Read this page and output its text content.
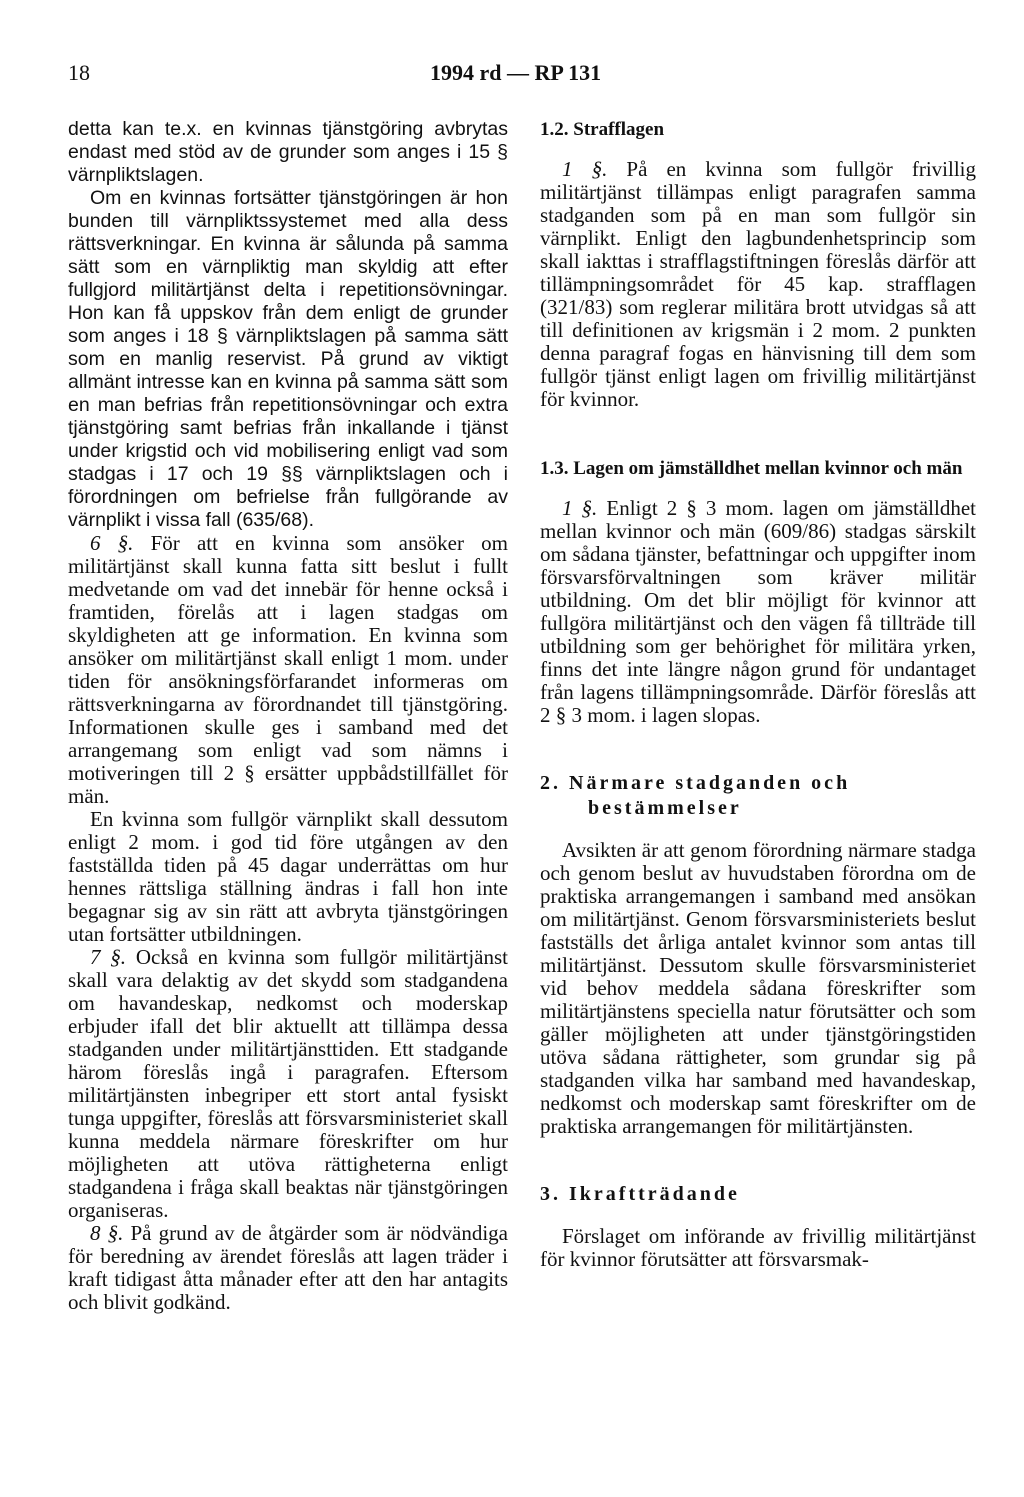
18	1994 rd — RP 131

detta kan te.x. en kvinnas tjänstgöring avbrytas endast med stöd av de grunder som anges i 15 § värnpliktslagen.

Om en kvinnas fortsätter tjänstgöringen är hon bunden till värnpliktssystemet med alla dess rättsverkningar. En kvinna är sålunda på samma sätt som en värnpliktig man skyldig att efter fullgjord militärtjänst delta i repetitionsövningar. Hon kan få uppskov från dem enligt de grunder som anges i 18 § värnpliktslagen på samma sätt som en manlig reservist. På grund av viktigt allmänt intresse kan en kvinna på samma sätt som en man befrias från repetitionsövningar och extra tjänstgöring samt befrias från inkallande i tjänst under krigstid och vid mobilisering enligt vad som stadgas i 17 och 19 §§ värnpliktslagen och i förordningen om befrielse från fullgörande av värnplikt i vissa fall (635/68).

6 §. För att en kvinna som ansöker om militärtjänst skall kunna fatta sitt beslut i fullt medvetande om vad det innebär för henne också i framtiden, förelås att i lagen stadgas om skyldigheten att ge information. En kvinna som ansöker om militärtjänst skall enligt 1 mom. under tiden för ansökningsförfarandet informeras om rättsverkningarna av förordnandet till tjänstgöring. Informationen skulle ges i samband med det arrangemang som enligt vad som nämns i motiveringen till 2 § ersätter uppbådstillfället för män.

En kvinna som fullgör värnplikt skall dessutom enligt 2 mom. i god tid före utgången av den fastställda tiden på 45 dagar underrättas om hur hennes rättsliga ställning ändras i fall hon inte begagnar sig av sin rätt att avbryta tjänstgöringen utan fortsätter utbildningen.

7 §. Också en kvinna som fullgör militärtjänst skall vara delaktig av det skydd som stadgandena om havandeskap, nedkomst och moderskap erbjuder ifall det blir aktuellt att tillämpa dessa stadganden under militärtjänsttiden. Ett stadgande härom föreslås ingå i paragrafen. Eftersom militärtjänsten inbegriper ett stort antal fysiskt tunga uppgifter, föreslås att försvarsministeriet skall kunna meddela närmare föreskrifter om hur möjligheten att utöva rättigheterna enligt stadgandena i fråga skall beaktas när tjänstgöringen organiseras.

8 §. På grund av de åtgärder som är nödvändiga för beredning av ärendet föreslås att lagen träder i kraft tidigast åtta månader efter att den har antagits och blivit godkänd.

1.2. Strafflagen

1 §. På en kvinna som fullgör frivillig militärtjänst tillämpas enligt paragrafen samma stadganden som på en man som fullgör sin värnplikt. Enligt den lagbundenhetsprincip som skall iakttas i strafflagstiftningen föreslås därför att tillämpningsområdet för 45 kap. strafflagen (321/83) som reglerar militära brott utvidgas så att till definitionen av krigsmän i 2 mom. 2 punkten denna paragraf fogas en hänvisning till dem som fullgör tjänst enligt lagen om frivillig militärtjänst för kvinnor.

1.3. Lagen om jämställdhet mellan kvinnor och män

1 §. Enligt 2 § 3 mom. lagen om jämställdhet mellan kvinnor och män (609/86) stadgas särskilt om sådana tjänster, befattningar och uppgifter inom försvarsförvaltningen som kräver militär utbildning. Om det blir möjligt för kvinnor att fullgöra militärtjänst och den vägen få tillträde till utbildning som ger behörighet för militära yrken, finns det inte längre någon grund för undantaget från lagens tillämpningsområde. Därför föreslås att 2 § 3 mom. i lagen slopas.

2. Närmare stadganden och bestämmelser

Avsikten är att genom förordning närmare stadga och genom beslut av huvudstaben förordna om de praktiska arrangemangen i samband med ansökan om militärtjänst. Genom försvarsministeriets beslut fastställs det årliga antalet kvinnor som antas till militärtjänst. Dessutom skulle försvarsministeriet vid behov meddela sådana föreskrifter som militärtjänstens speciella natur förutsätter och som gäller möjligheten att under tjänstgöringstiden utöva sådana rättigheter, som grundar sig på stadganden vilka har samband med havandeskap, nedkomst och moderskap samt föreskrifter om de praktiska arrangemangen för militärtjänsten.

3. Ikraftträdande

Förslaget om införande av frivillig militärtjänst för kvinnor förutsätter att försvarsmak-
